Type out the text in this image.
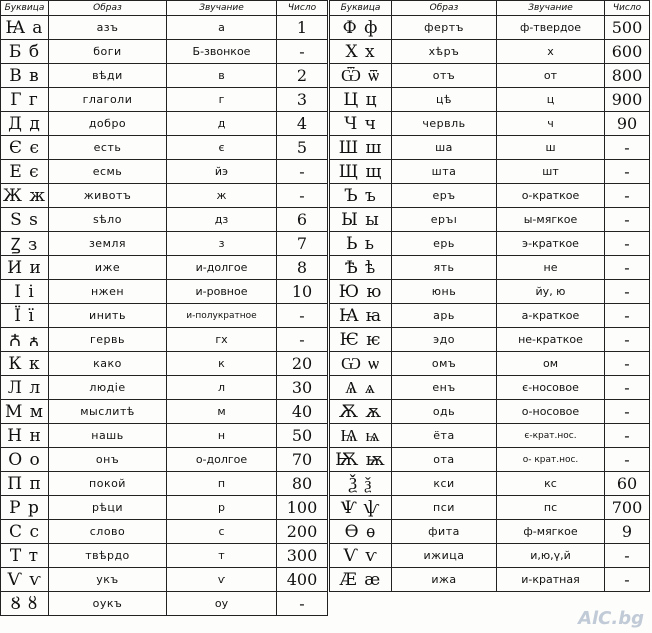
Буквица	Образ	Звучание	Число
Ꙗ а	азъ	а	1
Б б	боги	Б-звонкое	-
В в	вѣди	в	2
Г г	глаголи	г	3
Д д	добро	д	4
Є є	есть	є	5
Е є	есмь	йэ	-
Ж ж	животъ	ж	-
Ѕ ѕ	ѕѣло	дз	6
Ꙁ з	земля	з	7
И и	иже	и-долгое	8
І і	нжен	и-ровное	10
Ї ї	инить	и-полукратное	-
Ꙉ ꙉ	гервь	гх	-
К к	како	к	20
Л л	людіе	л	30
М м	мыслитѣ	м	40
Н н	нашь	н	50
О о	онъ	о-долгое	70
П п	покой	п	80
Р р	рѣци	р	100
С с	слово	с	200
Т т	твѣрдо	т	300
Ѵ ѵ	укъ	ѵ	400
Ȣ ȣ	оукъ	оу	-
Буквица	Образ	Звучание	Число
Ф ф	фертъ	ф-твердое	500
Х х	хѣръ	х	600
Ѿ ѿ	отъ	от	800
Ц ц	цѣ	ц	900
Ч ч	червль	ч	90
Ш ш	ша	ш	-
Щ щ	шта	шт	-
Ъ ъ	еръ	о-краткое	-
Ы ы	еръı	ы-мягкое	-
Ь ь	ерь	э-краткое	-
Ѣ ѣ	ять	не	-
Ю ю	юнь	йу, ю	-
Ꙗ ꙗ	арь	а-краткое	-
Ѥ ѥ	эдо	не-краткое	-
Ѡ ѡ	омъ	ом	-
Ѧ ѧ	енъ	є-носовое	-
Ѫ ѫ	одь	о-носовое	-
Ѩ ѩ	ёта	є-крат.нос.	-
Ѭ ѭ	ота	о- крат.нос.	-
Ѯ ѯ	кси	кс	60
Ѱ ѱ	пси	пс	700
Ѳ ѳ	фита	ф-мягкое	9
Ѵ ѵ	ижица	и,ю,ү,й	-
Ӕ ӕ	ижа	и-кратная	-
AlC.bg
